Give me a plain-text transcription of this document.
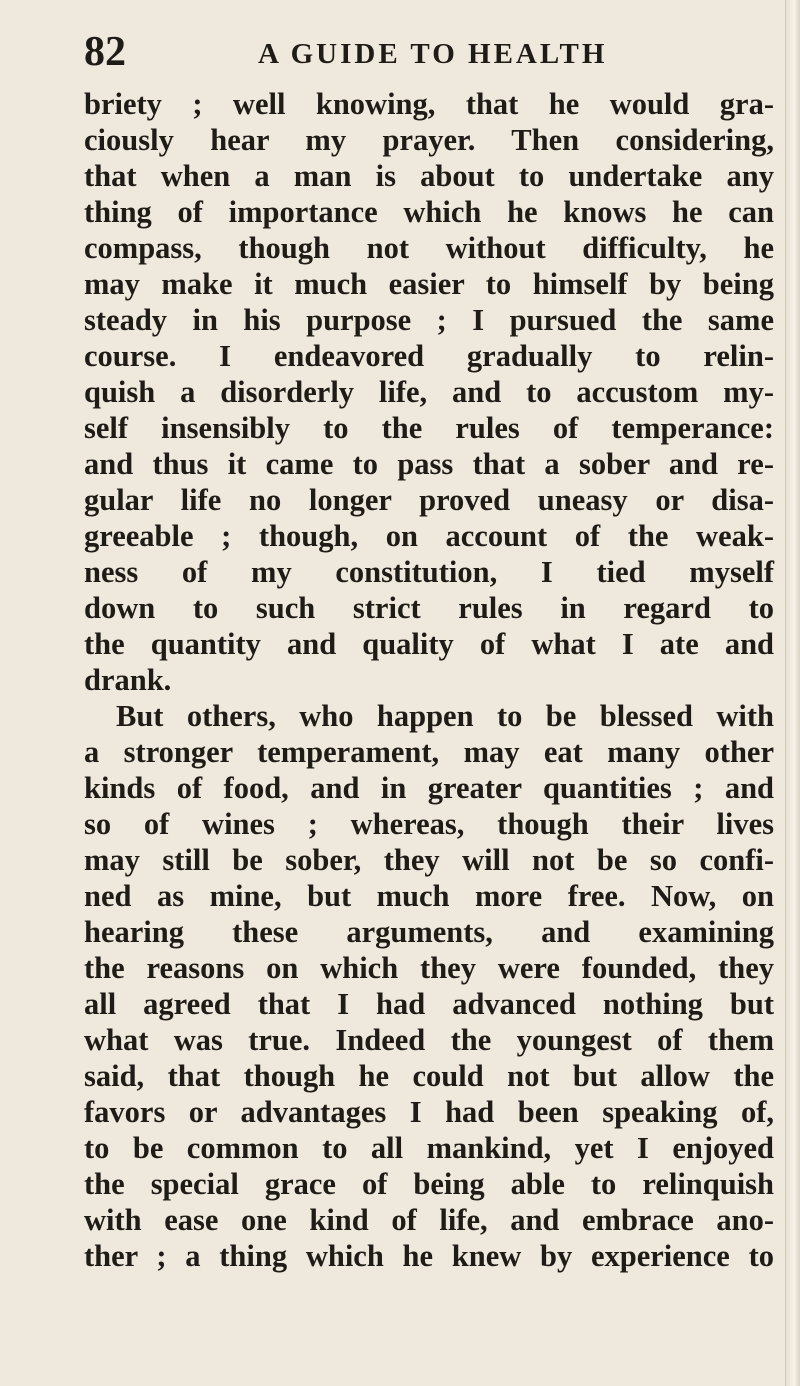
82	A GUIDE TO HEALTH
briety ; well knowing, that he would gra-
ciously hear my prayer. Then considering,
that when a man is about to undertake any
thing of importance which he knows he can
compass, though not without difficulty, he
may make it much easier to himself by being
steady in his purpose ; I pursued the same
course. I endeavored gradually to relin-
quish a disorderly life, and to accustom my-
self insensibly to the rules of temperance:
and thus it came to pass that a sober and re-
gular life no longer proved uneasy or disa-
greeable ; though, on account of the weak-
ness of my constitution, I tied myself
down to such strict rules in regard to
the quantity and quality of what I ate and
drank.
But others, who happen to be blessed with
a stronger temperament, may eat many other
kinds of food, and in greater quantities ; and
so of wines ; whereas, though their lives
may still be sober, they will not be so confi-
ned as mine, but much more free. Now, on
hearing these arguments, and examining
the reasons on which they were founded, they
all agreed that I had advanced nothing but
what was true. Indeed the youngest of them
said, that though he could not but allow the
favors or advantages I had been speaking of,
to be common to all mankind, yet I enjoyed
the special grace of being able to relinquish
with ease one kind of life, and embrace ano-
ther ; a thing which he knew by experience to
